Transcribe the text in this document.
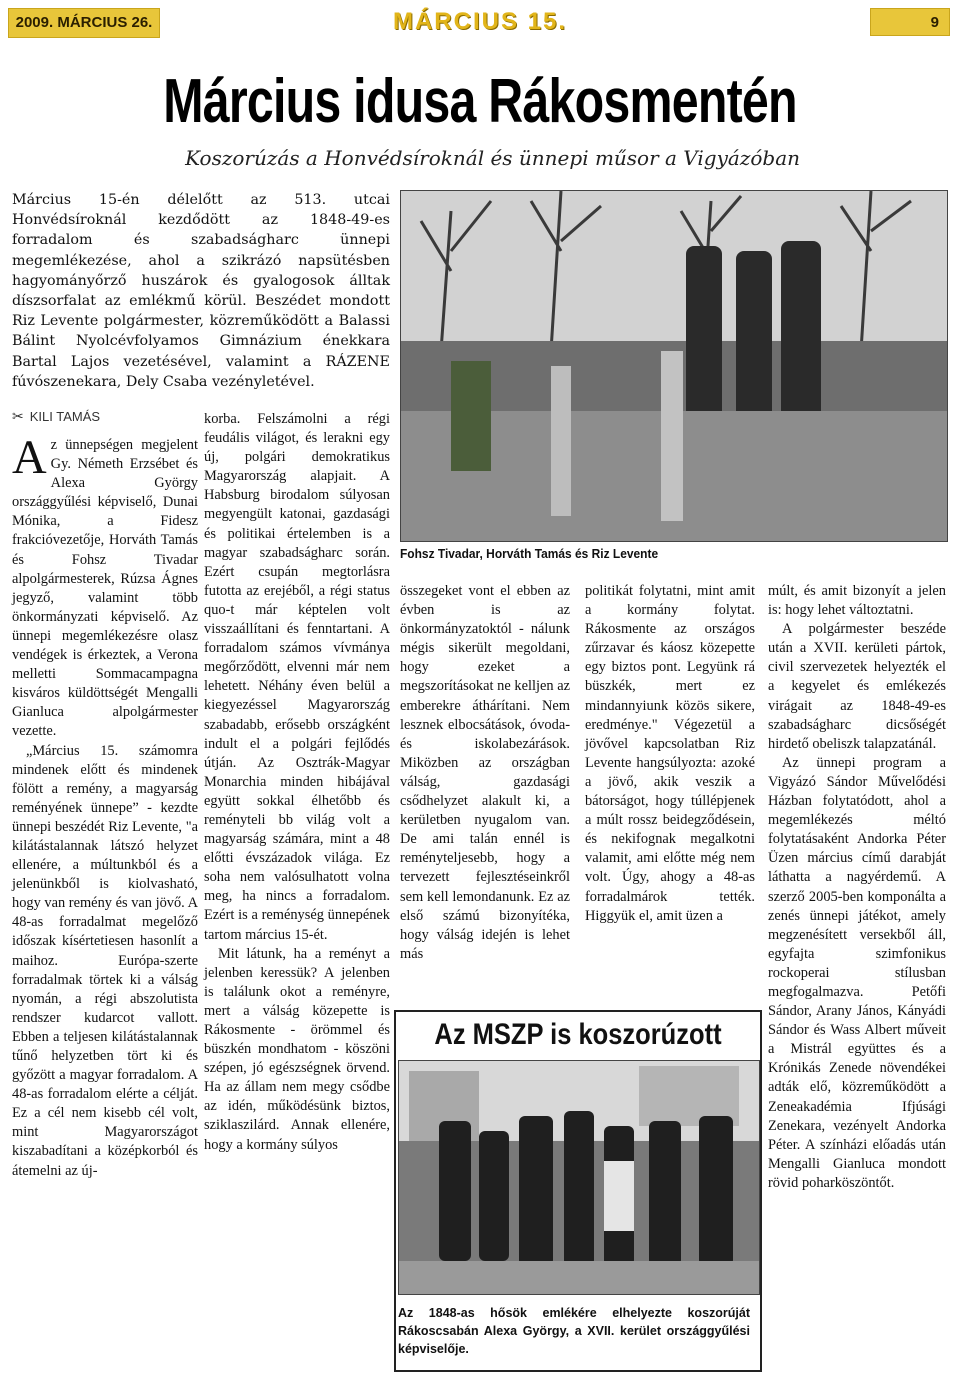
2009. MÁRCIUS 26.	MÁRCIUS 15.	9
Március idusa Rákosmentén
Koszorúzás a Honvédsíroknál és ünnepi műsor a Vigyázóban
Március 15-én délelőtt az 513. utcai Honvédsíroknál kezdődött az 1848-49-es forradalom és szabadságharc ünnepi megemlékezése, ahol a szikrázó napsütésben hagyományőrző huszárok és gyalogosok álltak díszsorfalat az emlékmű körül. Beszédet mondott Riz Levente polgármester, közreműködött a Balassi Bálint Nyolcévfolyamos Gimnázium énekkara Bartal Lajos vezetésével, valamint a RÁZENE fúvószenekara, Dely Csaba vezényletével.
Fohsz Tivadar, Horváth Tamás és Riz Levente
✂ KILI TAMÁS
A z ünnepségen megjelent Gy. Németh Erzsébet és Alexa György országgyűlési képviselő, Dunai Mónika, a Fidesz frakcióvezetője, Horváth Tamás és Fohsz Tivadar alpolgármesterek, Rúzsa Ágnes jegyző, valamint több önkormányzati képviselő. Az ünnepi megemlékezésre olasz vendégek is érkeztek, a Verona melletti Sommacampagna kisváros küldöttségét Mengalli Gianluca alpolgármester vezette.

„Március 15. számomra mindenek előtt és mindenek fölött a remény, a magyarság reményének ünnepe” - kezdte ünnepi beszédét Riz Levente, "a kilátástalannak látszó helyzet ellenére, a múltunkból és a jelenünkből is kiolvasható, hogy van remény és van jövő. A 48-as forradalmat megelőző időszak kísértetiesen hasonlít a maihoz. Európa-szerte forradalmak törtek ki a válság nyomán, a régi abszolutista rendszer kudarcot vallott. Ebben a teljesen kilátástalannak tűnő helyzetben tört ki és győzött a magyar forradalom. A 48-as forradalom elérte a célját. Ez a cél nem kisebb cél volt, mint Magyarországot kiszabadítani a középkorból és átemelni az új-

korba. Felszámolni a régi feudális világot, és lerakni egy új, polgári demokratikus Magyarország alapjait. A Habsburg birodalom súlyosan megyengült katonai, gazdasági és politikai értelemben is a magyar szabadságharc során. Ezért csupán megtorlásra futotta az erejéből, a régi status quo-t már képtelen volt visszaállítani és fenntartani. A forradalom számos vívmánya megőrződött, elvenni már nem lehetett. Néhány éven belül a kiegyezéssel Magyarország szabadabb, erősebb országként indult el a polgári fejlődés útján. Az Osztrák-Magyar Monarchia minden hibájával együtt sokkal élhetőbb és reményteli bb világ volt a magyarság számára, mint a 48 előtti évszázadok világa. Ez soha nem valósulhatott volna meg, ha nincs a forradalom. Ezért is a reménység ünnepének tartom március 15-ét.

Mit látunk, ha a reményt a jelenben keressük? A jelenben is találunk okot a reményre, mert a válság közepette is Rákosmente - örömmel és büszkén mondhatom - köszöni szépen, jó egészségnek örvend. Ha az állam nem megy csődbe az idén, működésünk biztos, sziklaszilárd. Annak ellenére, hogy a kormány súlyos

összegeket vont el ebben az évben is az önkormányzatoktól - nálunk mégis sikerült megoldani, hogy ezeket a megszorításokat ne kelljen az emberekre áthárítani. Nem lesznek elbocsátások, óvoda- és iskolabezárások. Miközben az országban válság, gazdasági csődhelyzet alakult ki, a kerületben nyugalom van. De ami talán ennél is reményteljesebb, hogy a tervezett fejlesztéseinkről sem kell lemondanunk. Ez az első számú bizonyítéka, hogy válság idején is lehet más

politikát folytatni, mint amit a kormány folytat. Rákosmente az országos zűrzavar és káosz közepette egy biztos pont. Legyünk rá büszkék, mert ez mindannyiunk közös sikere, eredménye." Végezetül a jövővel kapcsolatban Riz Levente hangsúlyozta: azoké a jövő, akik veszik a bátorságot, hogy túllépjenek a múlt rossz beidegződésein, és nekifognak megalkotni valamit, ami előtte még nem volt. Úgy, ahogy a 48-as forradalmárok tették. Higgyük el, amit üzen a

múlt, és amit bizonyít a jelen is: hogy lehet változtatni.

A polgármester beszéde után a XVII. kerületi pártok, civil szervezetek helyezték el a kegyelet és emlékezés virágait az 1848-49-es szabadságharc dicsőségét hirdető obeliszk talapzatánál.

Az ünnepi program a Vigyázó Sándor Művelődési Házban folytatódott, ahol a megemlékezés méltó folytatásaként Andorka Péter Üzen március című darabját láthatta a nagyérdemű. A szerző 2005-ben komponálta a zenés ünnepi játékot, amely megzenésített versekből áll, egyfajta szimfonikus rockoperai stílusban megfogalmazva. Petőfi Sándor, Arany János, Kányádi Sándor és Wass Albert műveit a Mistrál együttes és a Krónikás Zenede növendékei adták elő, közreműködött a Zeneakadémia Ifjúsági Zenekara, vezényelt Andorka Péter. A színházi előadás után Mengalli Gianluca mondott rövid poharköszöntőt.

Az MSZP is koszorúzott
Az 1848-as hősök emlékére elhelyezte koszorúját Rákoscsabán Alexa György, a XVII. kerület országgyűlési képviselője.
